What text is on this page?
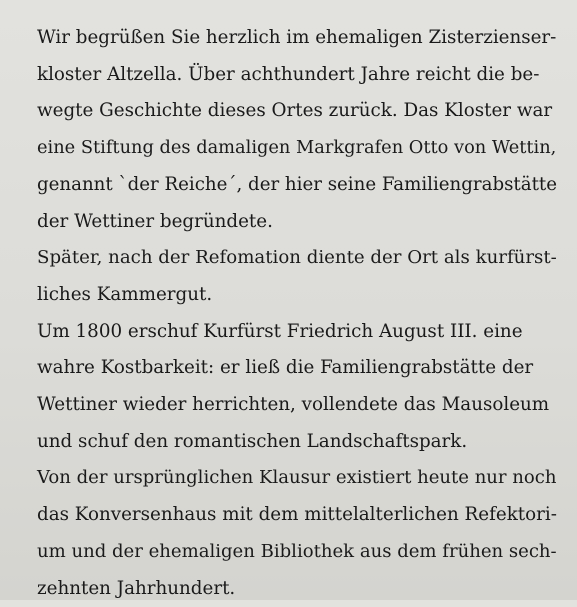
Wir begrüßen Sie herzlich im ehemaligen Zisterzienser-
kloster Altzella. Über achthundert Jahre reicht die be-
wegte Geschichte dieses Ortes zurück. Das Kloster war
eine Stiftung des damaligen Markgrafen Otto von Wettin,
genannt `der Reiche´, der hier seine Familiengrabstätte
der Wettiner begründete.
Später, nach der Refomation diente der Ort als kurfürst-
liches Kammergut.
Um 1800 erschuf Kurfürst Friedrich August III. eine
wahre Kostbarkeit: er ließ die Familiengrabstätte der
Wettiner wieder herrichten, vollendete das Mausoleum
und schuf den romantischen Landschaftspark.
Von der ursprünglichen Klausur existiert heute nur noch
das Konversenhaus mit dem mittelalterlichen Refektori-
um und der ehemaligen Bibliothek aus dem frühen sech-
zehnten Jahrhundert.
